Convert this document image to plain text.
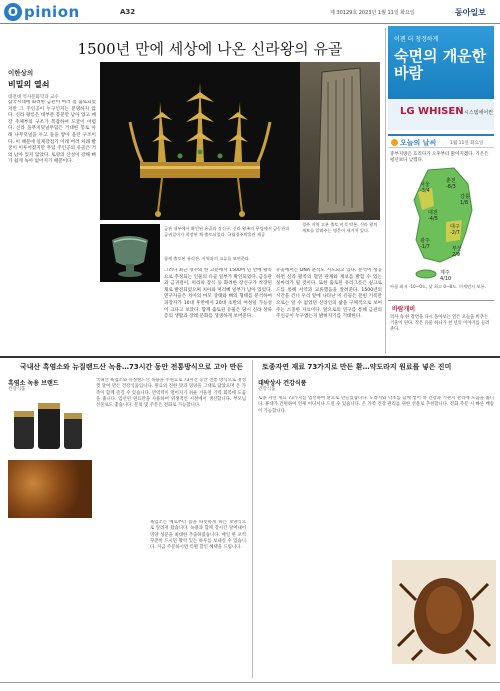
O pinion	A32	제 30129호 2023년 1월 11일 화요일	동아일보
1500년 만에 세상에 나온 신라왕의 유골
이한상의
비밀의 열쇠
대전대 역사문화학과 교수
삼국시대에 화려한 금관이 여러 점 출토되었지만 그 주인공이 누구인지는 분명하지 않다. 신라 왕릉은 대부분 봉분만 남아 있고 매장 주체부의 구조가 복잡하여 도굴이 어렵다. 신라 돌무지덧널무덤은 거대한 봉토 아래 나무덧널을 두고 돌을 쌓아 올린 구조이다. 이 때문에 일제강점기 이래 여러 차례 발굴이 이루어졌지만 무덤 주인공의 유골은 거의 남아 있지 않았다. 토양의 산성이 강해 뼈가 쉽게 녹아 없어지기 때문이다.
경주 지역 고분 출토 비석 탁본. 신라 왕의 계보를 알려주는 명문이 새겨져 있다.
금관 내부에서 확인된 유골과 장신구. 신라 왕족의 무덤에서 금동관과 금귀걸이가 착장된 채 출토되었다. 국립경주박물관 제공
함께 출토된 유리잔. 서역과의 교류를 보여준다.
그러나 최근 경주의 한 고분에서 1500여 년 만에 왕족으로 추정되는 인물의 유골 일부가 확인되었다. 금동관과 금귀걸이, 허리띠 장식 등 화려한 장신구가 착장된 채로 발견되었으며 치아와 머리뼈 일부가 남아 있었다. 연구자들은 치아의 마모 상태와 뼈의 형태를 분석하여 피장자가 10대 후반에서 20대 초반의 여성일 가능성이 크다고 보았다. 함께 출토된 유물은 당시 신라 상류층의 생활과 장례 문화를 생생하게 보여준다.
유골에서는 DNA 분석도 시도되고 있다. 분석이 성공하면 신라 왕족의 혈연 관계와 계보를 밝힐 수 있는 실마리가 될 것이다. 또한 출토된 유리그릇은 실크로드를 통해 서역과 교류했음을 알려준다. 1500년의 시간을 건너 우리 앞에 나타난 이 유골은 문헌 기록만으로는 알 수 없었던 신라인의 삶을 구체적으로 보여주는 소중한 자료이다. 앞으로의 연구를 통해 금관의 주인공이 누구였는지 밝혀지기를 기대한다.
이젠 더 청정하게
숙면의 개운한 바람
LG WHISEN 시스템에어컨
오늘의 날씨	1월 11일 화요일
중부지방은 흐리다가 오후부터 맑아지겠다. 기온은 평년보다 낮겠다.
서울
-3/4
춘천
-8/3
강릉
1/8
대전
-4/5
대구
-2/7
광주
-1/7	부산
2/9
제주
4/10
아침 최저 -10~0도, 낮 최고 0~8도. 미세먼지 보통.
바람개비
역사 속 한 장면을 다시 돌아보는 일은 오늘을 비추는 거울이 된다. 작은 유물 하나가 천 년의 이야기를 들려준다.
국내산 흑염소와 뉴질랜드산 녹용…73시간 동안 전통방식으로 고아 만든	토종자연 재료 73가지로 만든 환…약도라지 원료를 넣은 진미
흑염소 녹용 브랜드
건강식품
국내산 흑염소와 뉴질랜드산 녹용을 주원료로 73시간 동안 전통 방식으로 정성껏 달여 만든 건강식품입니다. 원료의 진한 맛과 영양을 그대로 담았으며 온 가족이 함께 즐길 수 있습니다. 면역력이 떨어지기 쉬운 겨울철 기력 회복에 도움을 줍니다. 엄선된 원료만을 사용하여 위생적인 시설에서 생산합니다. 부모님 선물로도 좋습니다. 문의 및 주문은 전화로 가능합니다.
흑염소는 예로부터 몸을 따뜻하게 하는 보양식으로 알려져 왔습니다. 녹용과 함께 장시간 달여내어 영양 성분을 최대한 추출하였습니다. 매일 한 포씩 꾸준히 드시면 활력 있는 하루를 보내실 수 있습니다. 지금 주문하시면 특별 할인 혜택을 드립니다.
대박상사 건강식품
건강식품
토종 자연 재료 73가지를 엄선하여 환으로 만들었습니다. 도라지와 약초를 함께 넣어 목 건강과 기관지 관리에 도움을 줍니다. 휴대가 간편하여 언제 어디서나 드실 수 있습니다. 온 가족 건강 관리를 위한 선물로 추천합니다. 전화 주문 시 빠른 배송이 가능합니다.
